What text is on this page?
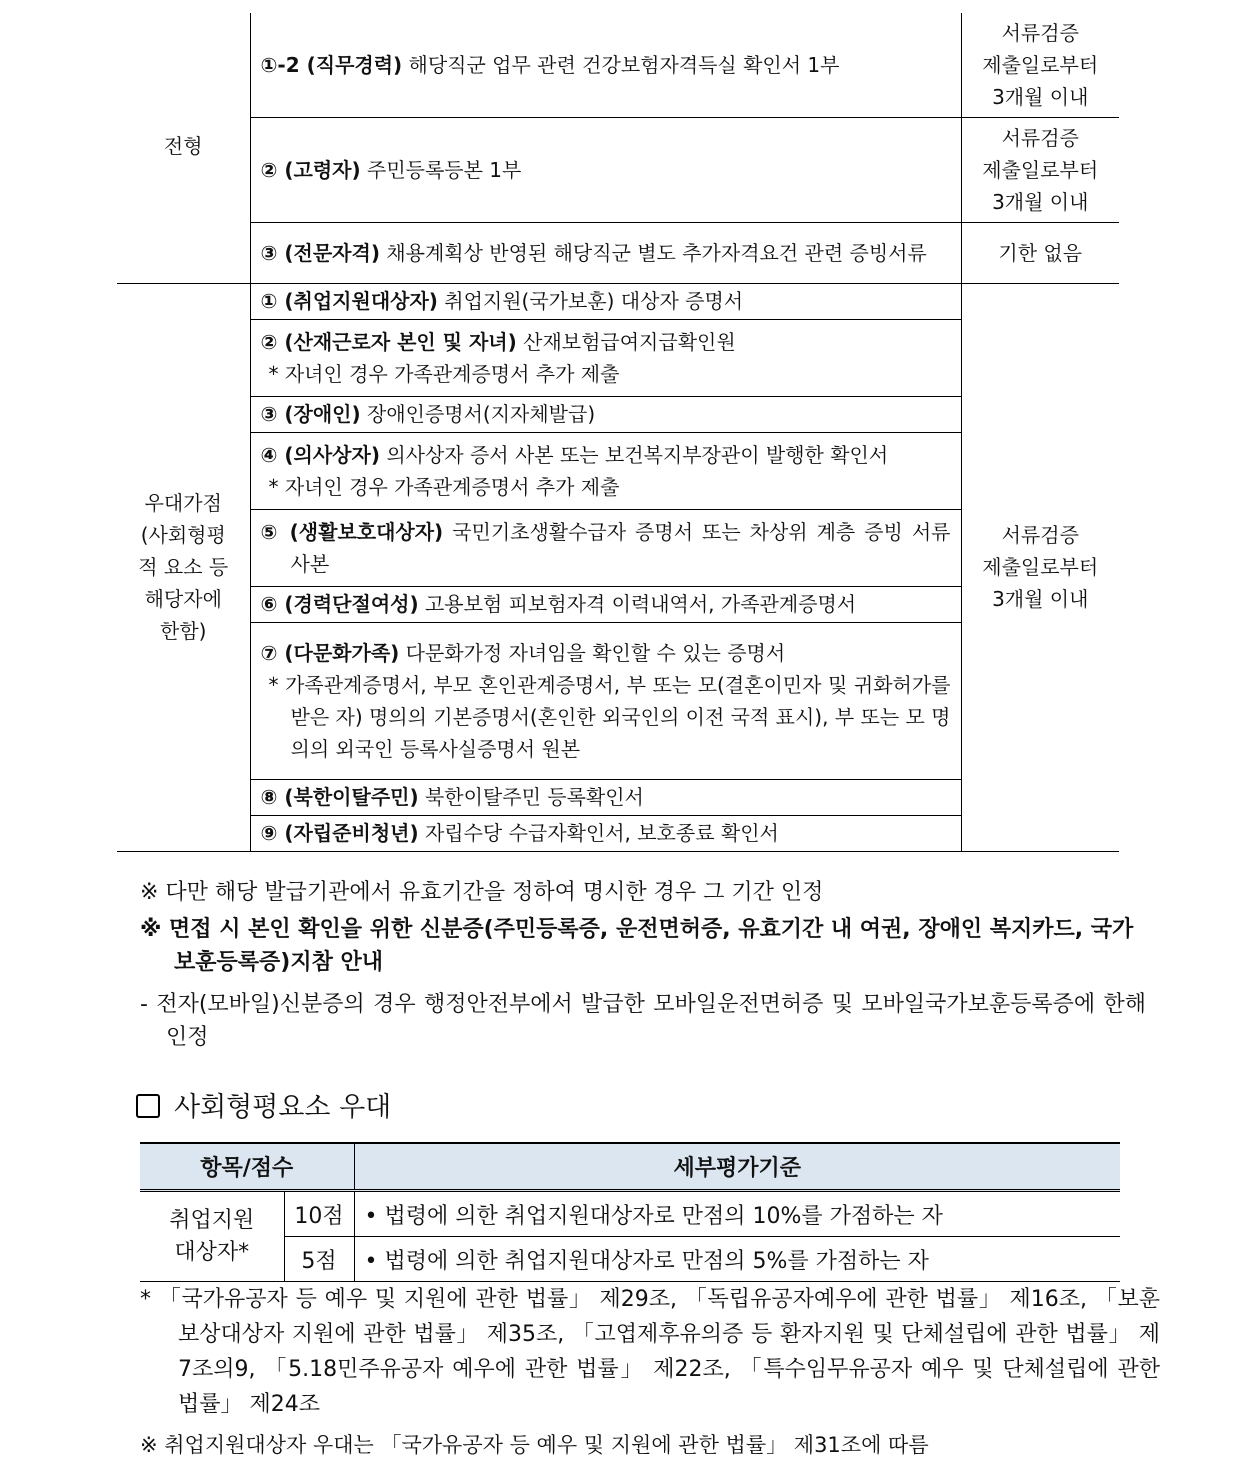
전형	①-2 (직무경력) 해당직군 업무 관련 건강보험자격득실 확인서 1부	서류검증
제출일로부터
3개월 이내
	② (고령자) 주민등록등본 1부	서류검증
제출일로부터
3개월 이내
	③ (전문자격) 채용계획상 반영된 해당직군 별도 추가자격요건 관련 증빙서류	기한 없음
우대가점
(사회형평
적 요소 등
해당자에
한함)	① (취업지원대상자) 취업지원(국가보훈) 대상자 증명서	서류검증
제출일로부터
3개월 이내

	② (산재근로자 본인 및 자녀) 산재보험급여지급확인원
* 자녀인 경우 가족관계증명서 추가 제출	

	③ (장애인) 장애인증명서(지자체발급)	

	④ (의사상자) 의사상자 증서 사본 또는 보건복지부장관이 발행한 확인서
* 자녀인 경우 가족관계증명서 추가 제출	

	⑤ (생활보호대상자) 국민기초생활수급자 증명서 또는 차상위 계층 증빙 서류 사본	

	⑥ (경력단절여성) 고용보험 피보험자격 이력내역서, 가족관계증명서	

	⑦ (다문화가족) 다문화가정 자녀임을 확인할 수 있는 증명서
* 가족관계증명서, 부모 혼인관계증명서, 부 또는 모(결혼이민자 및 귀화허가를 받은 자) 명의의 기본증명서(혼인한 외국인의 이전 국적 표시), 부 또는 모 명의의 외국인 등록사실증명서 원본	

	⑧ (북한이탈주민) 북한이탈주민 등록확인서	
	⑨ (자립준비청년) 자립수당 수급자확인서, 보호종료 확인서	
※ 다만 해당 발급기관에서 유효기간을 정하여 명시한 경우 그 기간 인정
※ 면접 시 본인 확인을 위한 신분증(주민등록증, 운전면허증, 유효기간 내 여권, 장애인 복지카드, 국가보훈등록증)지참 안내
- 전자(모바일)신분증의 경우 행정안전부에서 발급한 모바일운전면허증 및 모바일국가보훈등록증에 한해 인정
사회형평요소 우대
항목/점수		세부평가기준
취업지원
대상자*	10점	• 법령에 의한 취업지원대상자로 만점의 10%를 가점하는 자
	5점	• 법령에 의한 취업지원대상자로 만점의 5%를 가점하는 자
* 「국가유공자 등 예우 및 지원에 관한 법률」 제29조, 「독립유공자예우에 관한 법률」 제16조, 「보훈보상대상자 지원에 관한 법률」 제35조, 「고엽제후유의증 등 환자지원 및 단체설립에 관한 법률」 제7조의9, 「5.18민주유공자 예우에 관한 법률」 제22조, 「특수임무유공자 예우 및 단체설립에 관한 법률」 제24조
※ 취업지원대상자 우대는 「국가유공자 등 예우 및 지원에 관한 법률」 제31조에 따름
